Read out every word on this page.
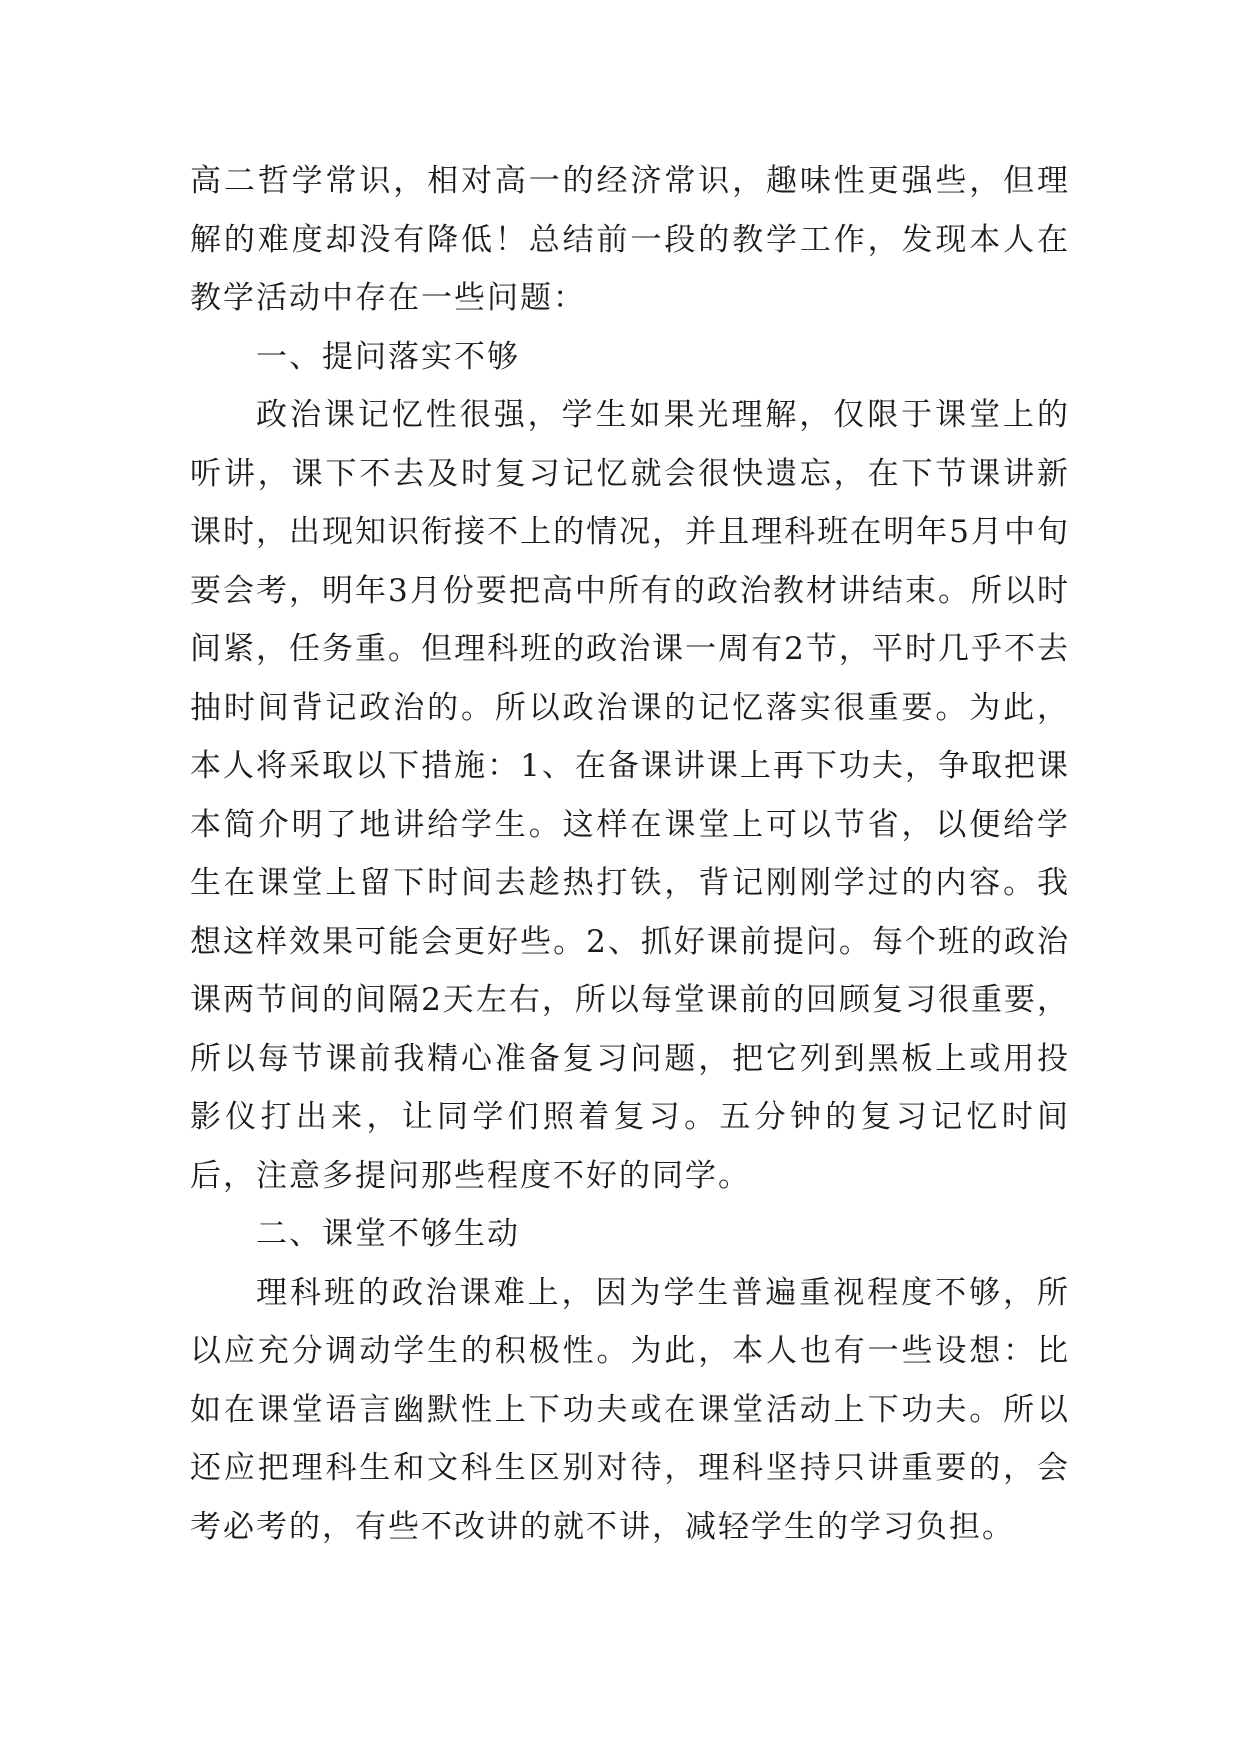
高二哲学常识，相对高一的经济常识，趣味性更强些，但理解的难度却没有降低！总结前一段的教学工作，发现本人在教学活动中存在一些问题：

一、提问落实不够

政治课记忆性很强，学生如果光理解，仅限于课堂上的听讲，课下不去及时复习记忆就会很快遗忘，在下节课讲新课时，出现知识衔接不上的情况，并且理科班在明年5月中旬要会考，明年3月份要把高中所有的政治教材讲结束。所以时间紧，任务重。但理科班的政治课一周有2节，平时几乎不去抽时间背记政治的。所以政治课的记忆落实很重要。为此，本人将采取以下措施：1、在备课讲课上再下功夫，争取把课本简介明了地讲给学生。这样在课堂上可以节省，以便给学生在课堂上留下时间去趁热打铁，背记刚刚学过的内容。我想这样效果可能会更好些。2、抓好课前提问。每个班的政治课两节间的间隔2天左右，所以每堂课前的回顾复习很重要，所以每节课前我精心准备复习问题，把它列到黑板上或用投影仪打出来，让同学们照着复习。五分钟的复习记忆时间后，注意多提问那些程度不好的同学。

二、课堂不够生动

理科班的政治课难上，因为学生普遍重视程度不够，所以应充分调动学生的积极性。为此，本人也有一些设想：比如在课堂语言幽默性上下功夫或在课堂活动上下功夫。所以还应把理科生和文科生区别对待，理科坚持只讲重要的，会考必考的，有些不改讲的就不讲，减轻学生的学习负担。
